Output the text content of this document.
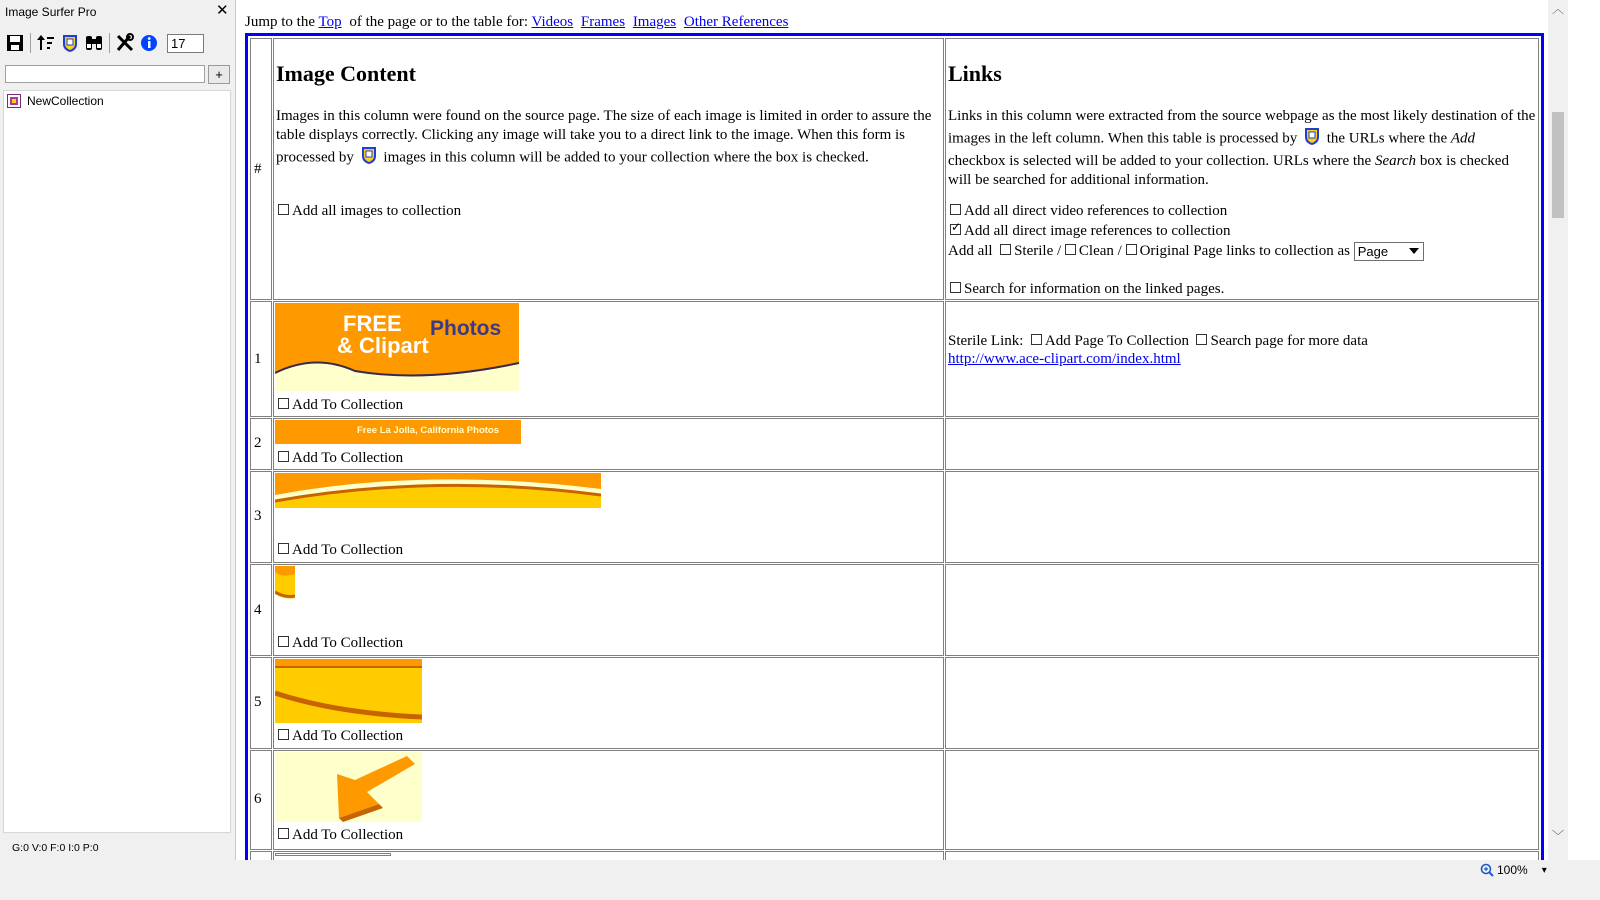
Image Surfer Pro	✕
17
+
NewCollection
G:0 V:0 F:0 I:0 P:0
Jump to the Top of the page or to the table for: Videos Frames Images Other References
#
Image Content
Images in this column were found on the source page. The size of each image is limited in order to assure the table displays correctly. Clicking any image will take you to a direct link to the image. When this form is processed by images in this column will be added to your collection where the box is checked.
Add all images to collection
Links
Links in this column were extracted from the source webpage as the most likely destination of the images in the left column. When this table is processed by the URLs where the Add checkbox is selected will be added to your collection. URLs where the Search box is checked will be searched for additional information.
Add all direct video references to collection
✓Add all direct image references to collection
Add all Sterile / Clean / Original Page links to collection as Page
Search for information on the linked pages.
1
FREE Photos
& Clipart
Add To Collection
Sterile Link: Add Page To Collection Search page for more data
http://www.ace-clipart.com/index.html
2
Free La Jolla, California Photos
Add To Collection
3
Add To Collection
4
Add To Collection
5
Add To Collection
6
Add To Collection
︿
﹀
100% ▾
